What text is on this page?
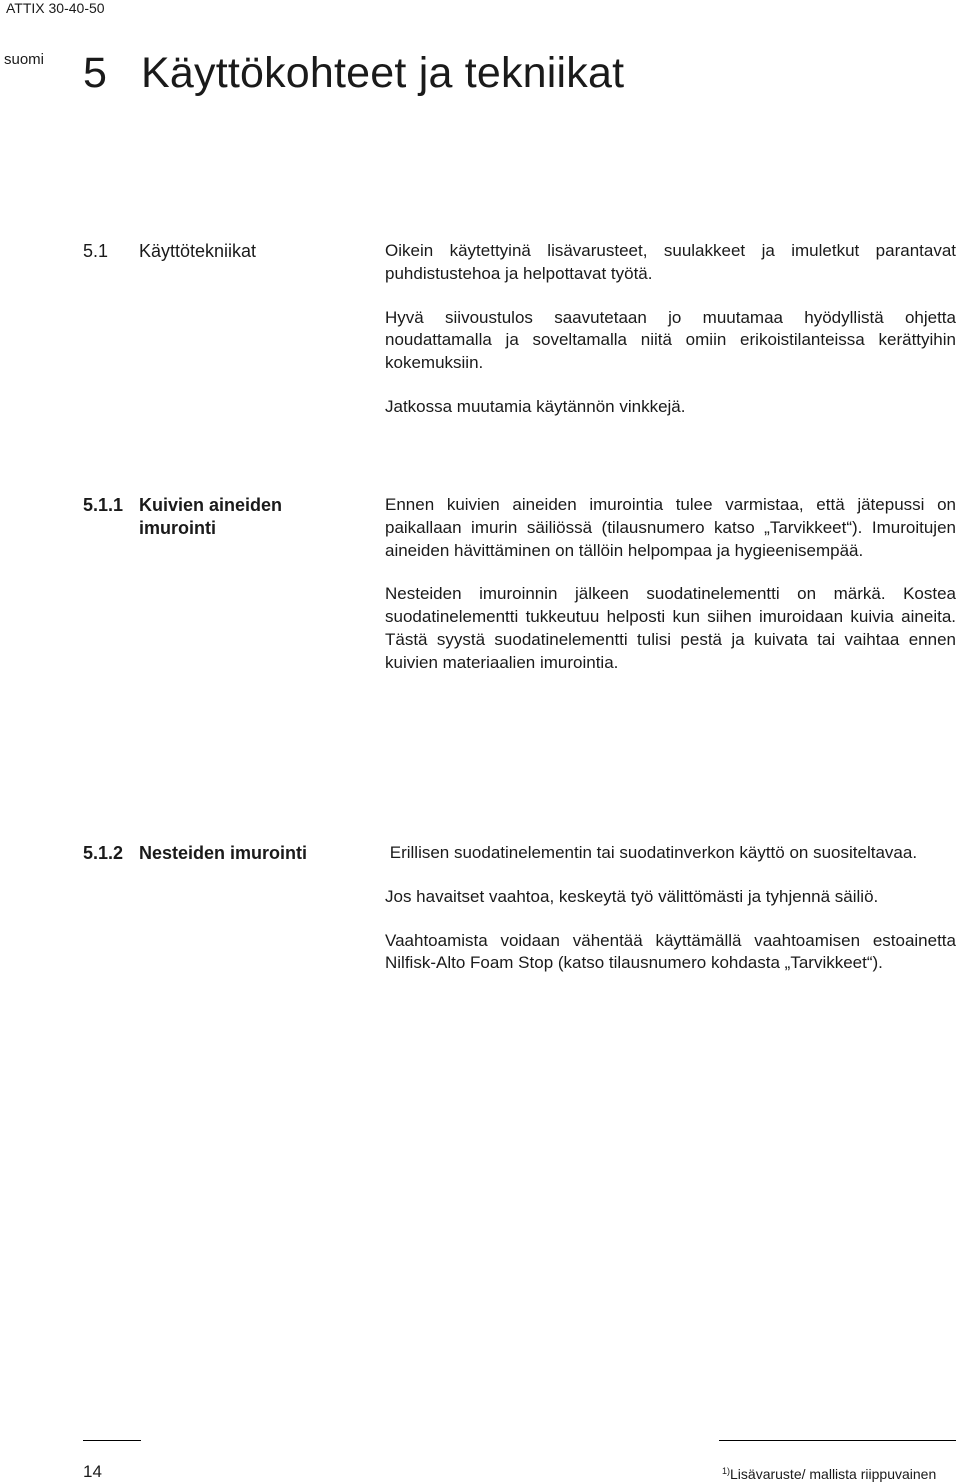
ATTIX 30-40-50
suomi 5 Käyttökohteet ja tekniikat
5.1 Käyttötekniikat	Oikein käytettyinä lisävarusteet, suulakkeet ja imuletkut parantavat puhdistustehoa ja helpottavat työtä.

Hyvä siivoustulos saavutetaan jo muutamaa hyödyllistä ohjetta noudattamalla ja soveltamalla niitä omiin erikoistilanteissa kerättyihin kokemuksiin.

Jatkossa muutamia käytännön vinkkejä.

5.1.1 Kuivien aineiden
imurointi

Ennen kuivien aineiden imurointia tulee varmistaa, että jätepussi on paikallaan imurin säiliössä (tilausnumero katso „Tarvikkeet“). Imuroitujen aineiden hävittäminen on tällöin helpompaa ja hygieenisempää.

Nesteiden imuroinnin jälkeen suodatinelementti on märkä. Kostea suodatinelementti tukkeutuu helposti kun siihen imuroidaan kuivia aineita. Tästä syystä suodatinelementti tulisi pestä ja kuivata tai vaihtaa ennen kuivien materiaalien imurointia.

5.1.2 Nesteiden imurointi	Erillisen suodatinelementin tai suodatinverkon käyttö on suositeltavaa.

Jos havaitset vaahtoa, keskeytä työ välittömästi ja tyhjennä säiliö.

Vaahtoamista voidaan vähentää käyttämällä vaahtoamisen estoainetta Nilfisk-Alto Foam Stop (katso tilausnumero kohdasta „Tarvikkeet“).

14	$^{1)}$Lisävaruste/ mallista riippuvainen
